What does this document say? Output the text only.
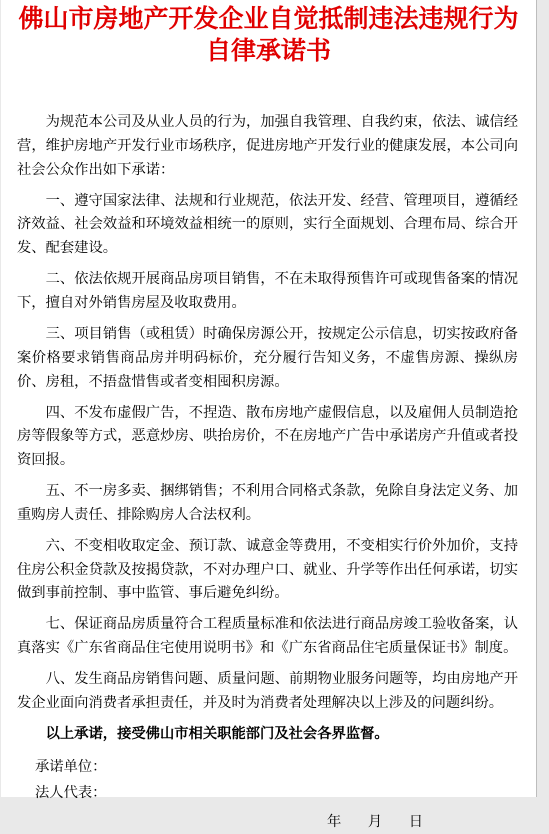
佛山市房地产开发企业自觉抵制违法违规行为
自律承诺书

为规范本公司及从业人员的行为，加强自我管理、自我约束，依法、诚信经营，维护房地产开发行业市场秩序，促进房地产开发行业的健康发展，本公司向社会公众作出如下承诺：

一、遵守国家法律、法规和行业规范，依法开发、经营、管理项目，遵循经济效益、社会效益和环境效益相统一的原则，实行全面规划、合理布局、综合开发、配套建设。

二、依法依规开展商品房项目销售，不在未取得预售许可或现售备案的情况下，擅自对外销售房屋及收取费用。

三、项目销售（或租赁）时确保房源公开，按规定公示信息，切实按政府备案价格要求销售商品房并明码标价，充分履行告知义务，不虚售房源、操纵房价、房租，不捂盘惜售或者变相囤积房源。

四、不发布虚假广告，不捏造、散布房地产虚假信息，以及雇佣人员制造抢房等假象等方式，恶意炒房、哄抬房价，不在房地产广告中承诺房产升值或者投资回报。

五、不一房多卖、捆绑销售；不利用合同格式条款，免除自身法定义务、加重购房人责任、排除购房人合法权利。

六、不变相收取定金、预订款、诚意金等费用，不变相实行价外加价，支持住房公积金贷款及按揭贷款，不对办理户口、就业、升学等作出任何承诺，切实做到事前控制、事中监管、事后避免纠纷。

七、保证商品房质量符合工程质量标准和依法进行商品房竣工验收备案，认真落实《广东省商品住宅使用说明书》和《广东省商品住宅质量保证书》制度。

八、发生商品房销售问题、质量问题、前期物业服务问题等，均由房地产开发企业面向消费者承担责任，并及时为消费者处理解决以上涉及的问题纠纷。

以上承诺，接受佛山市相关职能部门及社会各界监督。

承诺单位：
法人代表：
年 月 日
